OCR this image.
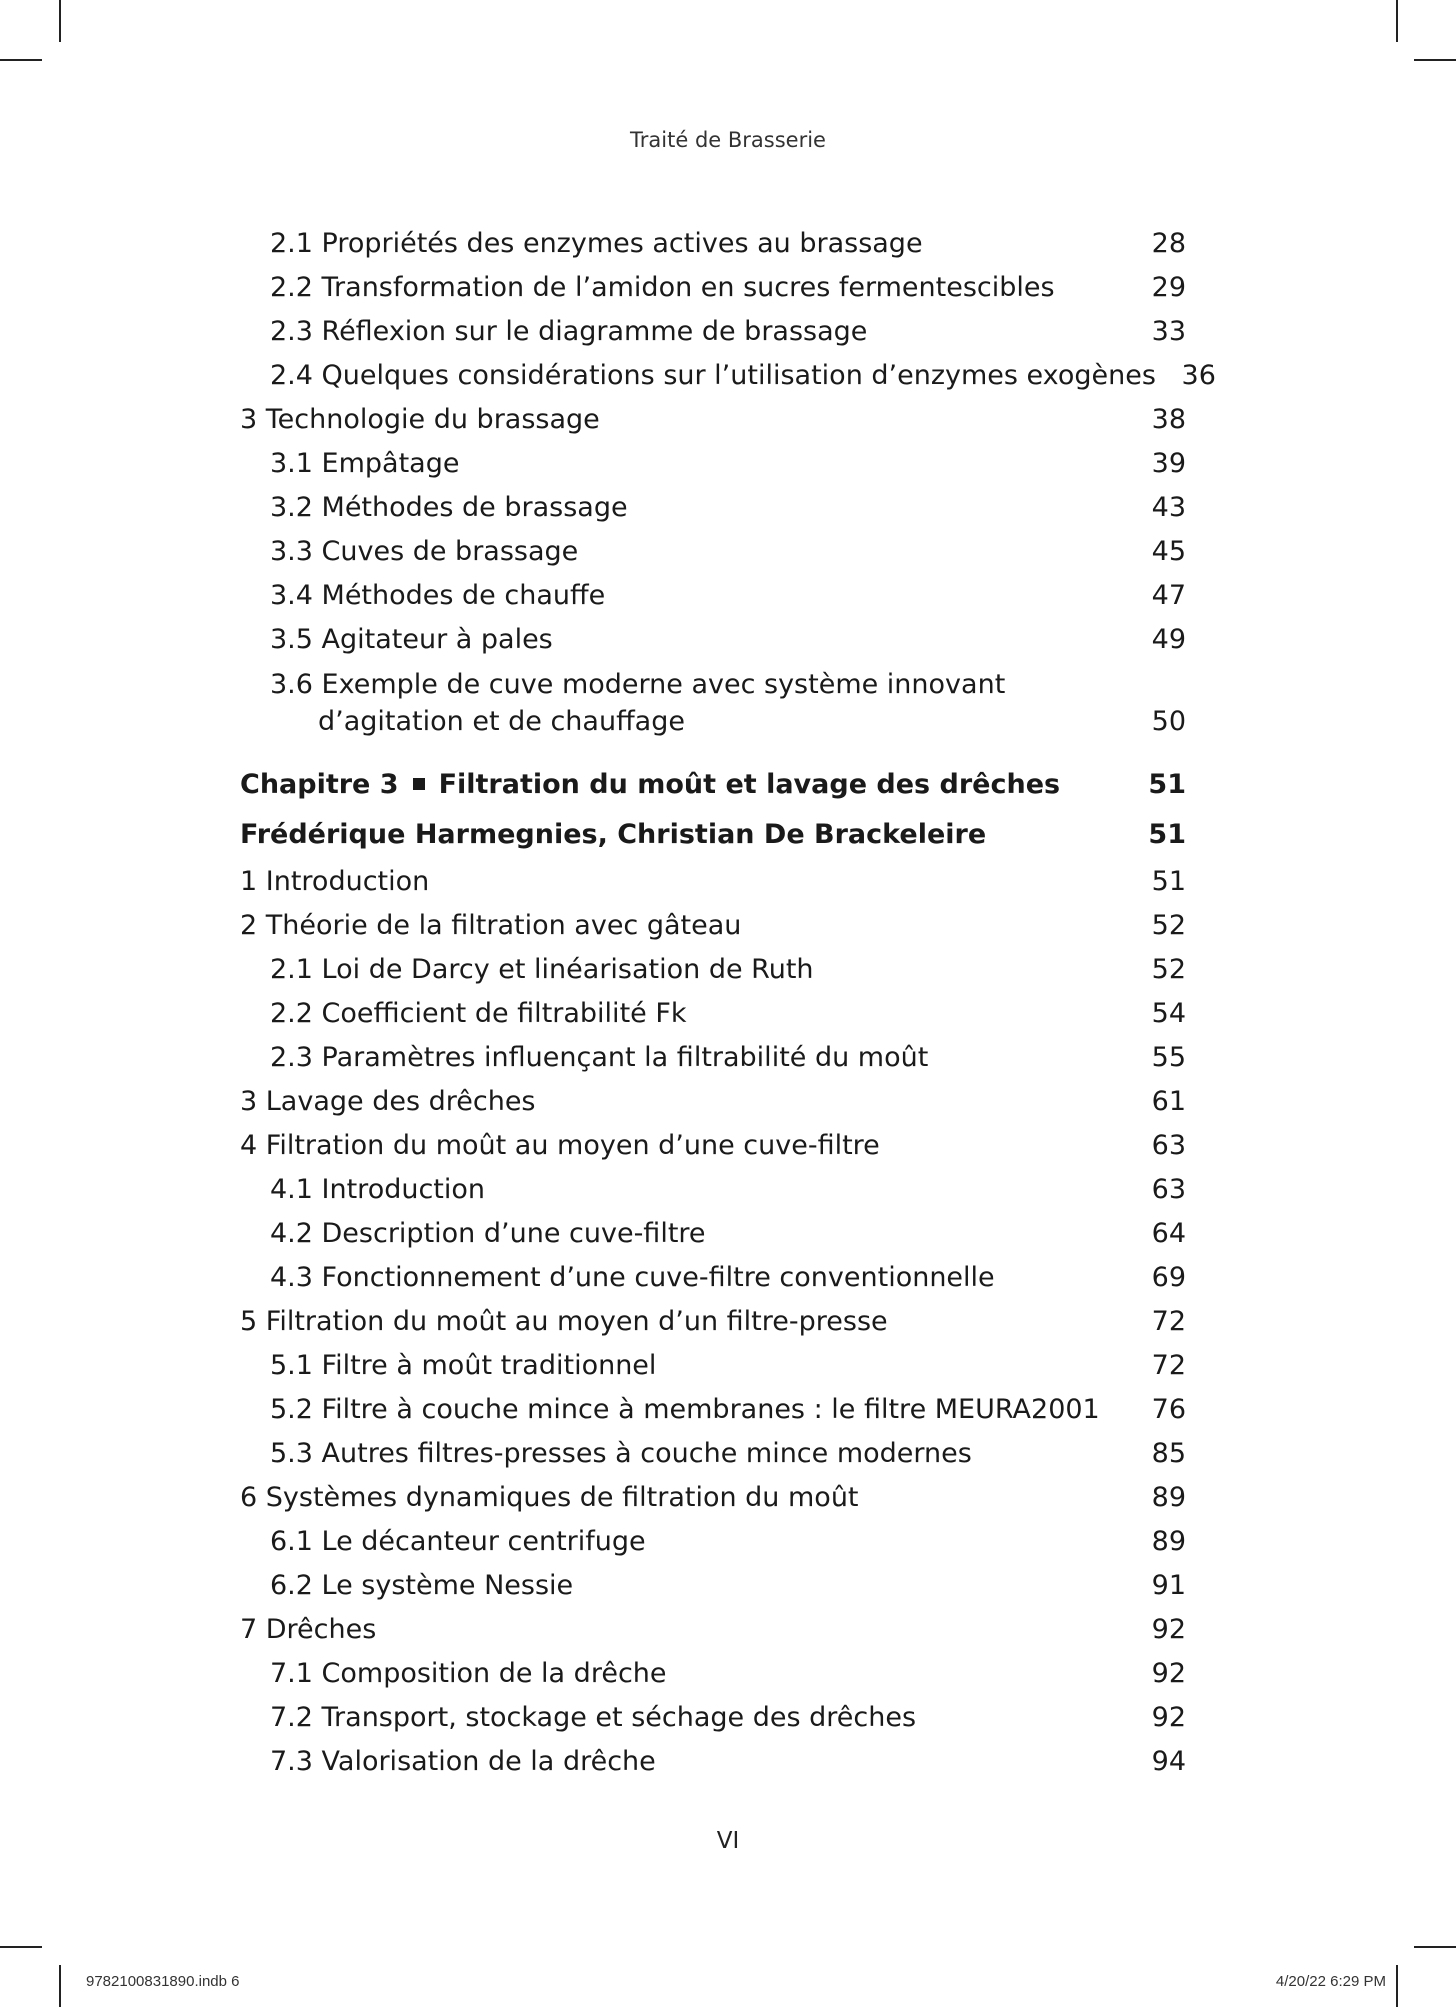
Traité de Brasserie
2.1 Propriétés des enzymes actives au brassage	28
2.2 Transformation de l’amidon en sucres fermentescibles	29
2.3 Réflexion sur le diagramme de brassage	33
2.4 Quelques considérations sur l’utilisation d’enzymes exogènes 36
3 Technologie du brassage	38
3.1 Empâtage	39
3.2 Méthodes de brassage	43
3.3 Cuves de brassage	45
3.4 Méthodes de chauffe	47
3.5 Agitateur à pales	49
3.6 Exemple de cuve moderne avec système innovant
d’agitation et de chauffage	50
Chapitre 3 Filtration du moût et lavage des drêches	51
Frédérique Harmegnies, Christian De Brackeleire	51
1 Introduction	51
2 Théorie de la filtration avec gâteau	52
2.1 Loi de Darcy et linéarisation de Ruth	52
2.2 Coefficient de filtrabilité Fk	54
2.3 Paramètres influençant la filtrabilité du moût	55
3 Lavage des drêches	61
4 Filtration du moût au moyen d’une cuve-filtre	63
4.1 Introduction	63
4.2 Description d’une cuve-filtre	64
4.3 Fonctionnement d’une cuve-filtre conventionnelle	69
5 Filtration du moût au moyen d’un filtre-presse	72
5.1 Filtre à moût traditionnel	72
5.2 Filtre à couche mince à membranes : le filtre MEURA2001	76
5.3 Autres filtres-presses à couche mince modernes	85
6 Systèmes dynamiques de filtration du moût	89
6.1 Le décanteur centrifuge	89
6.2 Le système Nessie	91
7 Drêches	92
7.1 Composition de la drêche	92
7.2 Transport, stockage et séchage des drêches	92
7.3 Valorisation de la drêche	94
VI
9782100831890.indb 6	4/20/22 6:29 PM
